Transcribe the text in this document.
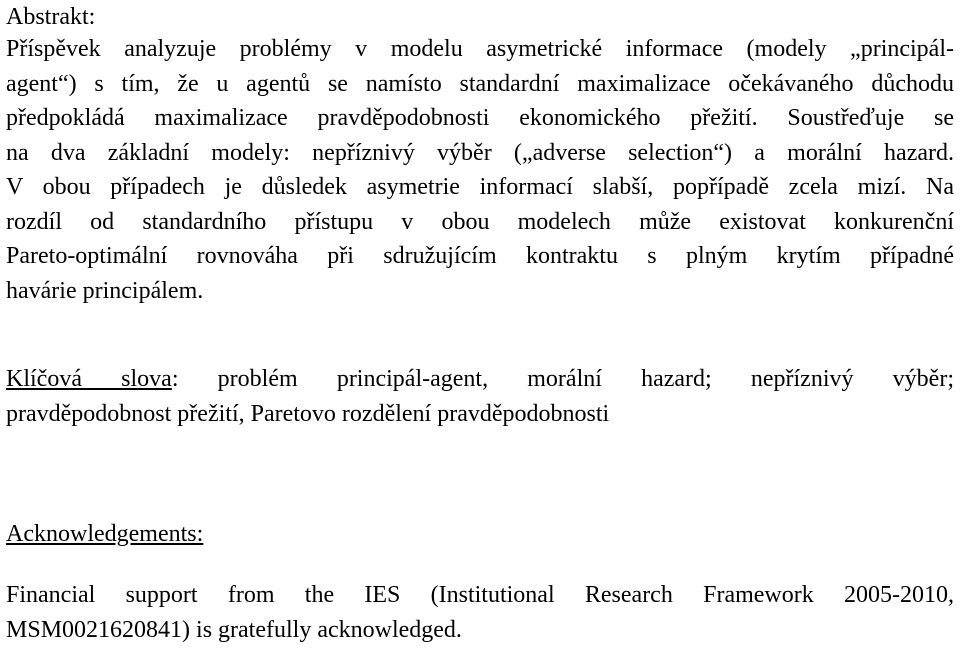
Abstrakt:
Příspěvek analyzuje problémy v modelu asymetrické informace (modely „principál-
agent“) s tím, že u agentů se namísto standardní maximalizace očekávaného důchodu
předpokládá maximalizace pravděpodobnosti ekonomického přežití. Soustřeďuje se
na dva základní modely: nepříznivý výběr („adverse selection“) a morální hazard.
V obou případech je důsledek asymetrie informací slabší, popřípadě zcela mizí. Na
rozdíl od standardního přístupu v obou modelech může existovat konkurenční
Pareto-optimální rovnováha při sdružujícím kontraktu s plným krytím případné
havárie principálem.
Klíčová slova: problém principál-agent, morální hazard; nepříznivý výběr;
pravděpodobnost přežití, Paretovo rozdělení pravděpodobnosti
Acknowledgements:
Financial support from the IES (Institutional Research Framework 2005-2010,
MSM0021620841) is gratefully acknowledged.
